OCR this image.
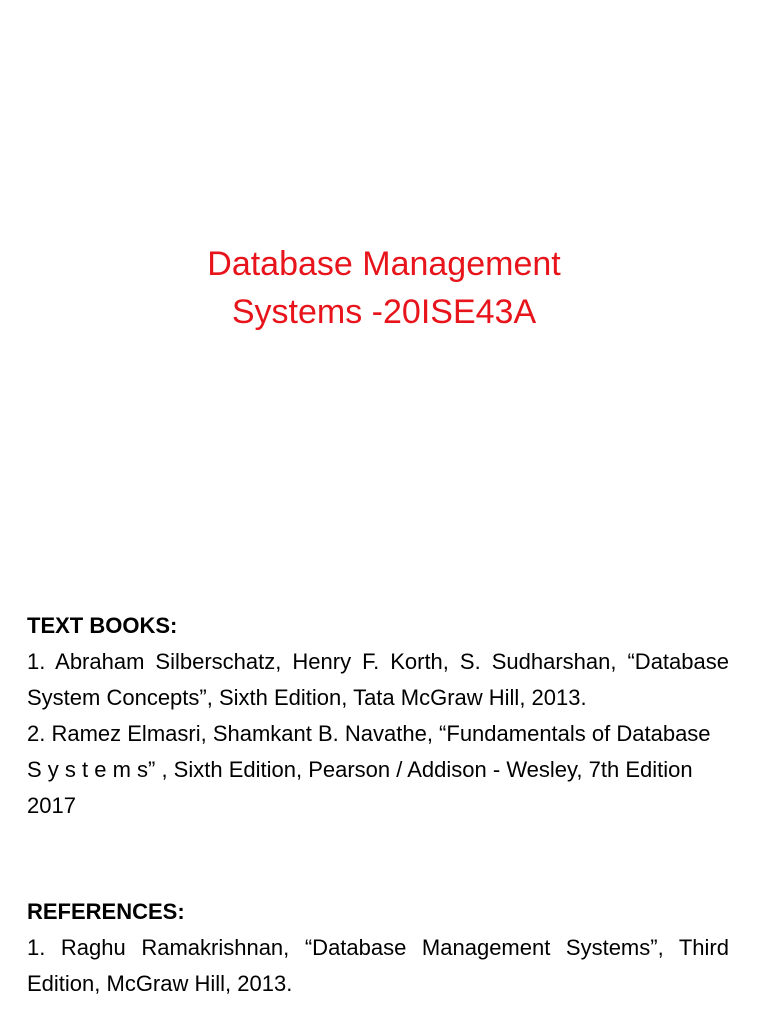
Database Management
Systems -20ISE43A
TEXT BOOKS:
1. Abraham Silberschatz, Henry F. Korth, S. Sudharshan, “Database System Concepts”, Sixth Edition, Tata McGraw Hill, 2013.
2. Ramez Elmasri, Shamkant B. Navathe, “Fundamentals of Database S y s t e m s” , Sixth Edition, Pearson / Addison - Wesley, 7th Edition 2017
REFERENCES:
1. Raghu Ramakrishnan, “Database Management Systems”, Third Edition, McGraw Hill, 2013.
